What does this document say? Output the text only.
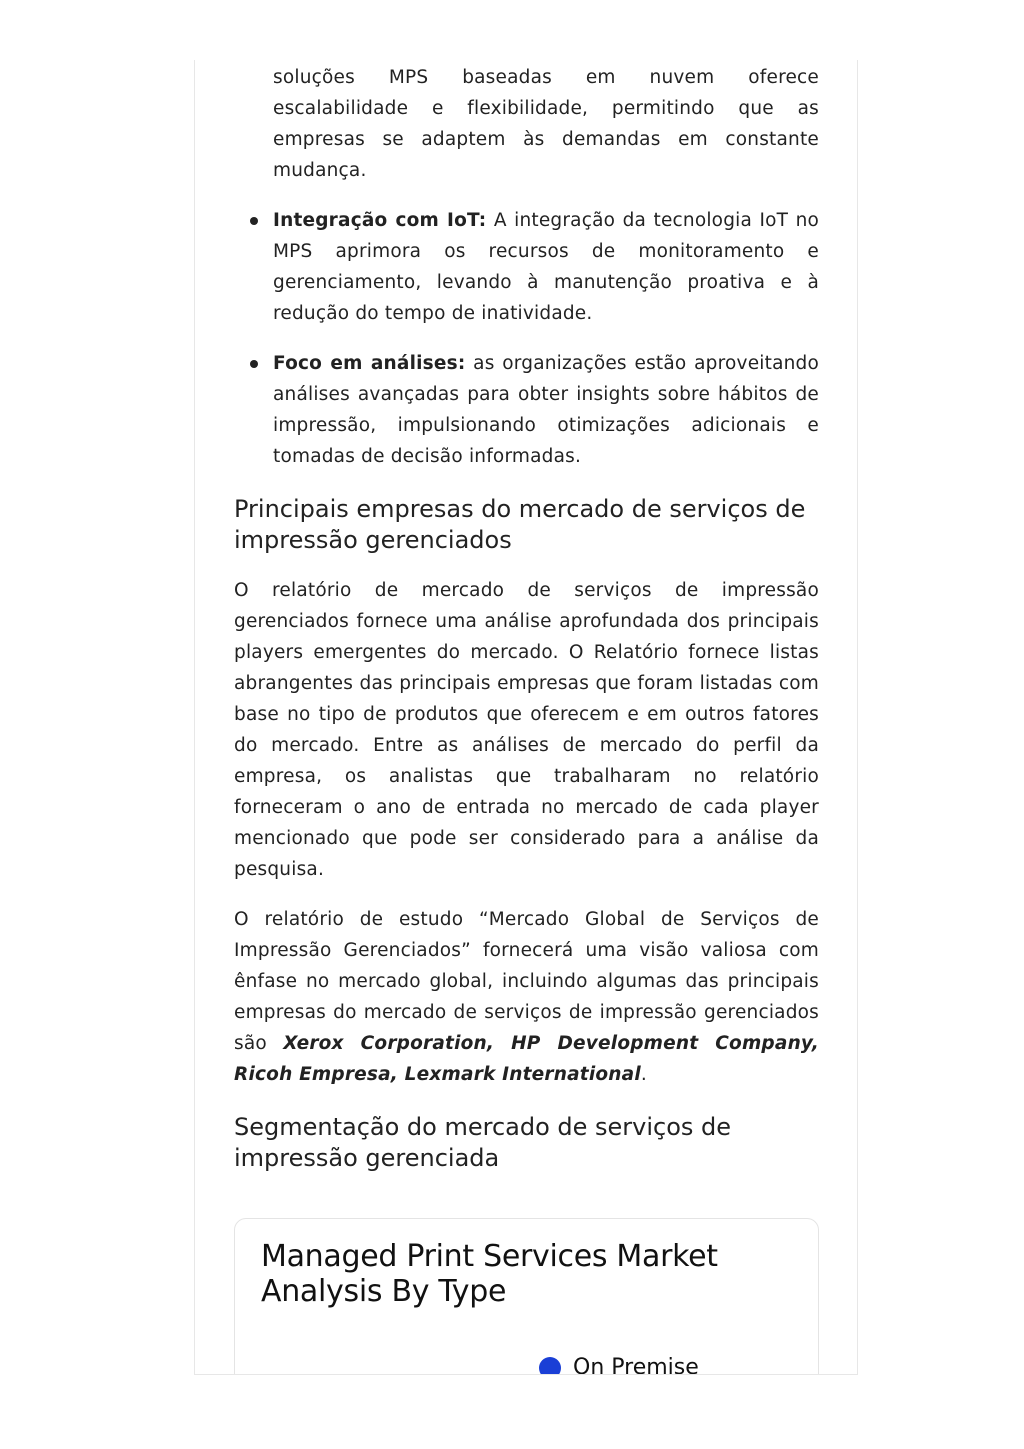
soluções MPS baseadas em nuvem oferece escalabilidade e flexibilidade, permitindo que as empresas se adaptem às demandas em constante mudança.

Integração com IoT: A integração da tecnologia IoT no MPS aprimora os recursos de monitoramento e gerenciamento, levando à manutenção proativa e à redução do tempo de inatividade.

Foco em análises: as organizações estão aproveitando análises avançadas para obter insights sobre hábitos de impressão, impulsionando otimizações adicionais e tomadas de decisão informadas.

Principais empresas do mercado de serviços de impressão gerenciados

O relatório de mercado de serviços de impressão gerenciados fornece uma análise aprofundada dos principais players emergentes do mercado. O Relatório fornece listas abrangentes das principais empresas que foram listadas com base no tipo de produtos que oferecem e em outros fatores do mercado. Entre as análises de mercado do perfil da empresa, os analistas que trabalharam no relatório forneceram o ano de entrada no mercado de cada player mencionado que pode ser considerado para a análise da pesquisa.

O relatório de estudo “Mercado Global de Serviços de Impressão Gerenciados” fornecerá uma visão valiosa com ênfase no mercado global, incluindo algumas das principais empresas do mercado de serviços de impressão gerenciados são Xerox Corporation, HP Development Company, Ricoh Empresa, Lexmark International.

Segmentação do mercado de serviços de impressão gerenciada
Managed Print Services Market Analysis By Type
On Premise
